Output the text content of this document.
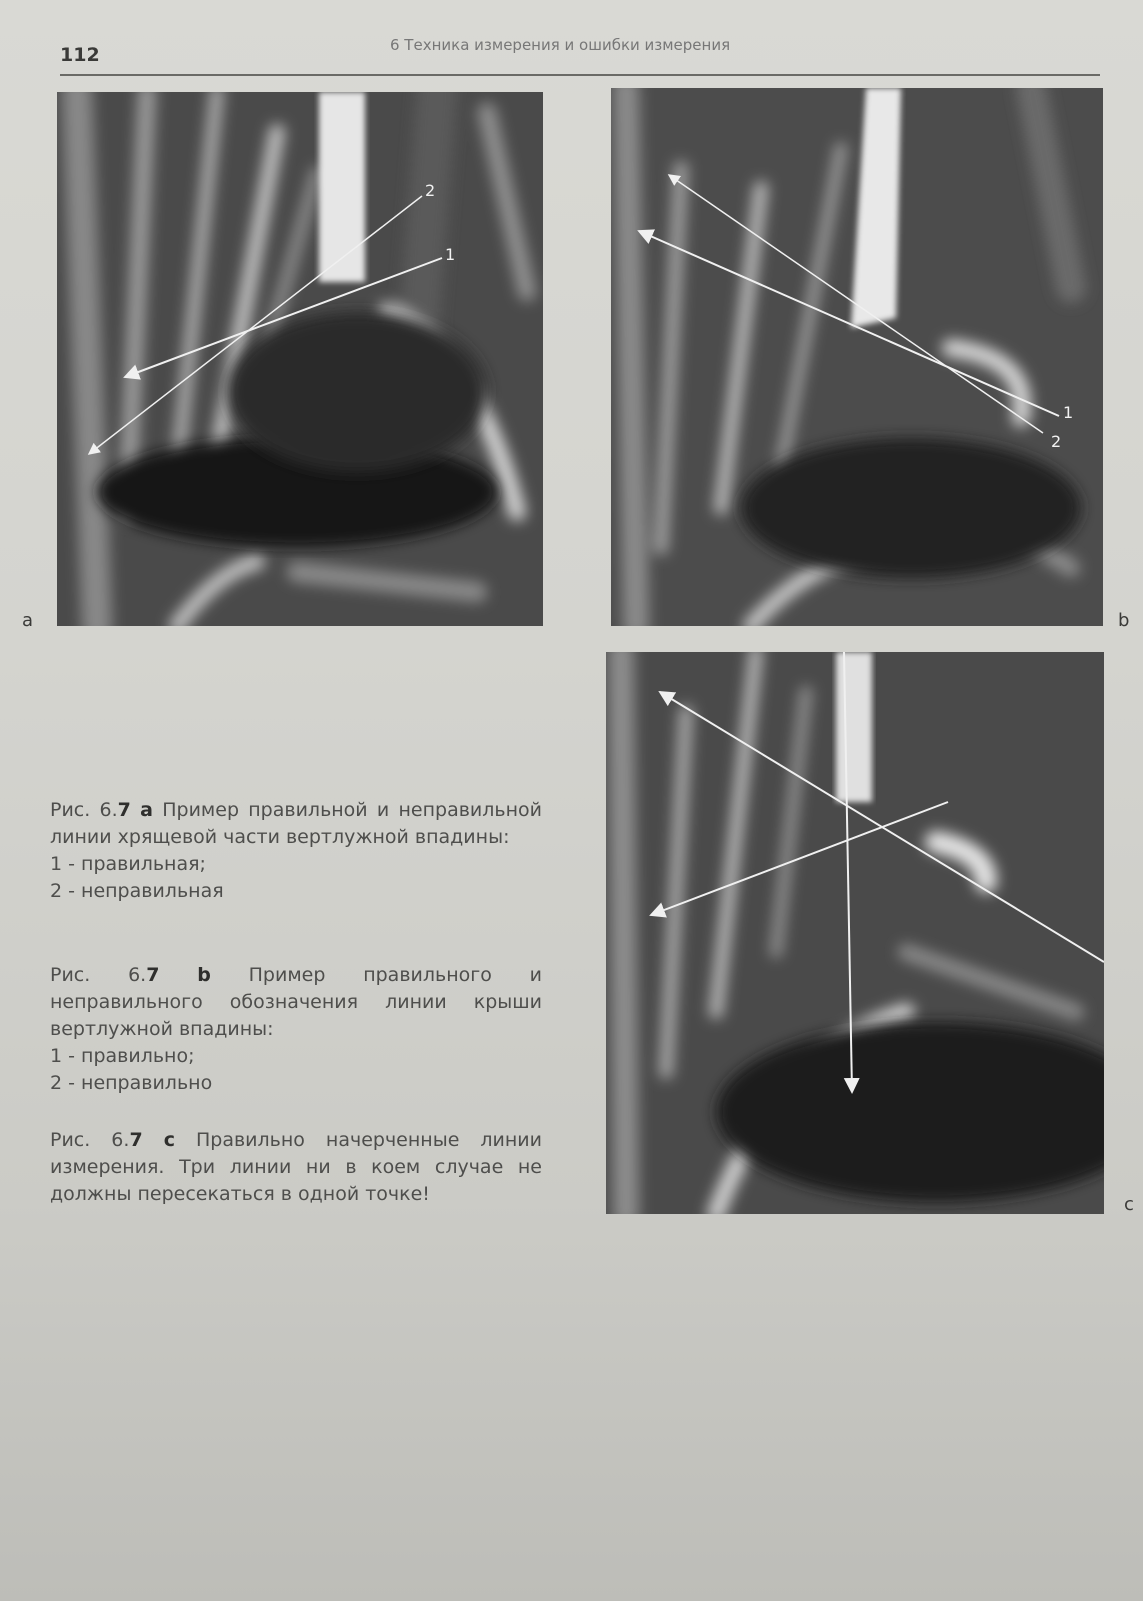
112	6 Техника измерения и ошибки измерения
1
2
1
2
a	b
c

Рис. 6.7 a Пример правильной и неправильной линии хрящевой части вертлужной впадины:

1 - правильная;
2 - неправильная

Рис. 6.7 b Пример правильного и неправильного обозначения линии крыши вертлужной впадины:

1 - правильно;
2 - неправильно

Рис. 6.7 c Правильно начерченные линии измерения. Три линии ни в коем случае не должны пересекаться в одной точке!
